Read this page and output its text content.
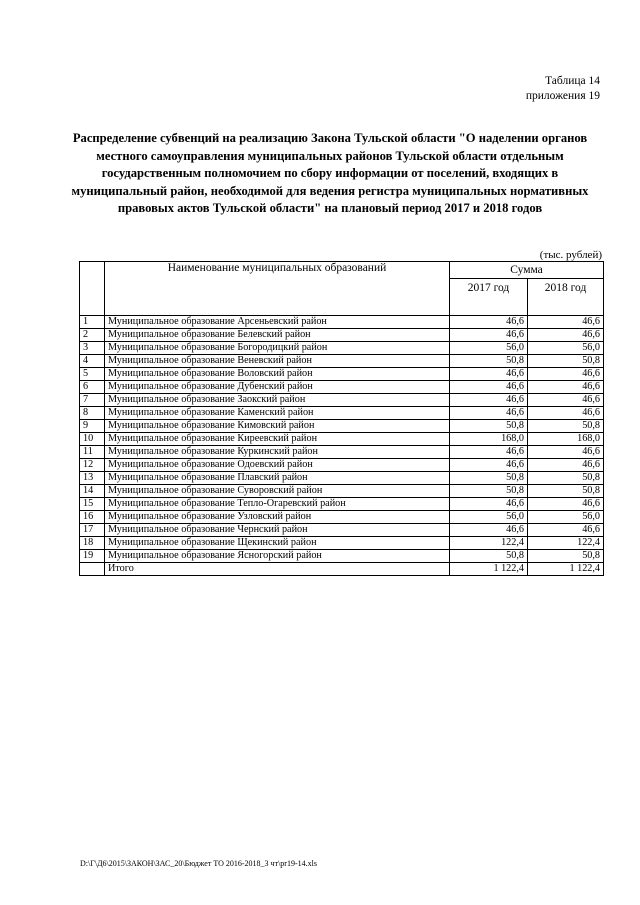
Таблица 14
приложения 19
Распределение субвенций на реализацию Закона Тульской области "О наделении органов местного самоуправления муниципальных районов Тульской области отдельным государственным полномочием по сбору информации от поселений, входящих в муниципальный район, необходимой для ведения регистра муниципальных нормативных правовых актов Тульской области" на плановый период 2017 и 2018 годов
(тыс. рублей)
	Наименование муниципальных образований	Сумма	
		2017 год	2018 год
1	Муниципальное образование Арсеньевский район	46,6	46,6
2	Муниципальное образование Белевский район	46,6	46,6
3	Муниципальное образование Богородицкий район	56,0	56,0
4	Муниципальное образование Веневский район	50,8	50,8
5	Муниципальное образование Воловский район	46,6	46,6
6	Муниципальное образование Дубенский район	46,6	46,6
7	Муниципальное образование Заокский район	46,6	46,6
8	Муниципальное образование Каменский район	46,6	46,6
9	Муниципальное образование Кимовский район	50,8	50,8
10	Муниципальное образование Киреевский район	168,0	168,0
11	Муниципальное образование Куркинский район	46,6	46,6
12	Муниципальное образование Одоевский район	46,6	46,6
13	Муниципальное образование Плавский район	50,8	50,8
14	Муниципальное образование Суворовский район	50,8	50,8
15	Муниципальное образование Тепло-Огаревский район	46,6	46,6
16	Муниципальное образование Узловский район	56,0	56,0
17	Муниципальное образование Чернский район	46,6	46,6
18	Муниципальное образование Щекинский район	122,4	122,4
19	Муниципальное образование Ясногорский район	50,8	50,8
	Итого	1 122,4	1 122,4
D:\Г\Д6\2015\ЗАКОН\ЗАС_20\Бюджет ТО 2016-2018_3 чт\pr19-14.xls
